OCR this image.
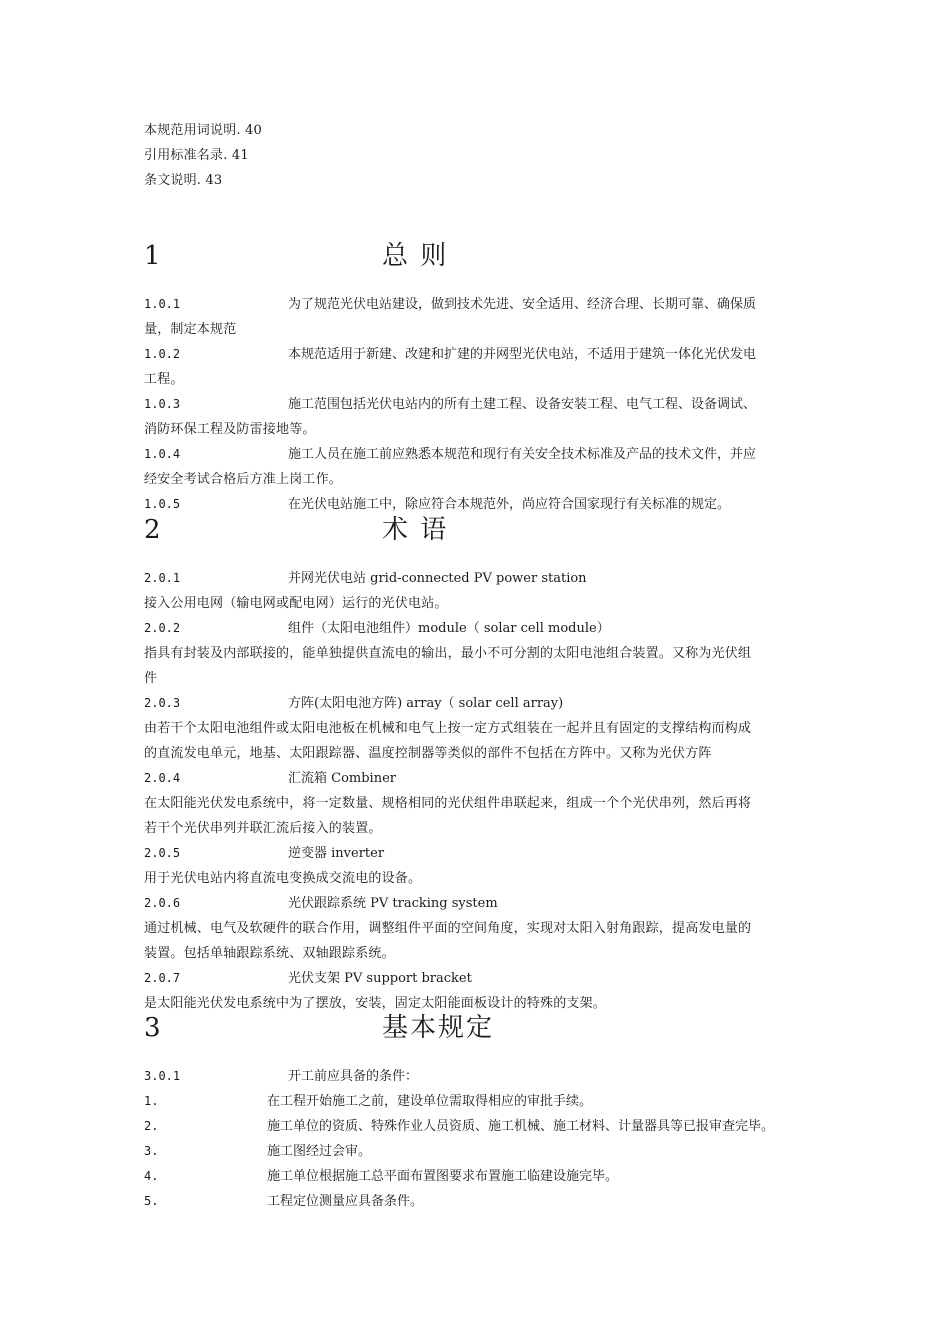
本规范用词说明. 40
引用标准名录. 41
条文说明. 43
1	总 则
1.0.1	为了规范光伏电站建设，做到技术先进、安全适用、经济合理、长期可靠、确保质
量，制定本规范
1.0.2	本规范适用于新建、改建和扩建的并网型光伏电站，不适用于建筑一体化光伏发电
工程。
1.0.3	施工范围包括光伏电站内的所有土建工程、设备安装工程、电气工程、设备调试、
消防环保工程及防雷接地等。
1.0.4	施工人员在施工前应熟悉本规范和现行有关安全技术标准及产品的技术文件，并应
经安全考试合格后方准上岗工作。
1.0.5	在光伏电站施工中，除应符合本规范外，尚应符合国家现行有关标准的规定。
2	术 语
2.0.1	并网光伏电站 grid-connected PV power station
接入公用电网（输电网或配电网）运行的光伏电站。
2.0.2	组件（太阳电池组件）module（ solar cell module）
指具有封装及内部联接的，能单独提供直流电的输出，最小不可分割的太阳电池组合装置。又称为光伏组
件
2.0.3	方阵(太阳电池方阵) array（ solar cell array)
由若干个太阳电池组件或太阳电池板在机械和电气上按一定方式组装在一起并且有固定的支撑结构而构成
的直流发电单元，地基、太阳跟踪器、温度控制器等类似的部件不包括在方阵中。又称为光伏方阵
2.0.4	汇流箱 Combiner
在太阳能光伏发电系统中，将一定数量、规格相同的光伏组件串联起来，组成一个个光伏串列，然后再将
若干个光伏串列并联汇流后接入的装置。
2.0.5	逆变器 inverter
用于光伏电站内将直流电变换成交流电的设备。
2.0.6	光伏跟踪系统 PV tracking system
通过机械、电气及软硬件的联合作用，调整组件平面的空间角度，实现对太阳入射角跟踪，提高发电量的
装置。包括单轴跟踪系统、双轴跟踪系统。
2.0.7	光伏支架 PV support bracket
是太阳能光伏发电系统中为了摆放，安装，固定太阳能面板设计的特殊的支架。
3	基本规定
3.0.1	开工前应具备的条件：
1.	在工程开始施工之前，建设单位需取得相应的审批手续。
2.	施工单位的资质、特殊作业人员资质、施工机械、施工材料、计量器具等已报审查完毕。
3.	施工图经过会审。
4.	施工单位根据施工总平面布置图要求布置施工临建设施完毕。
5.	工程定位测量应具备条件。
